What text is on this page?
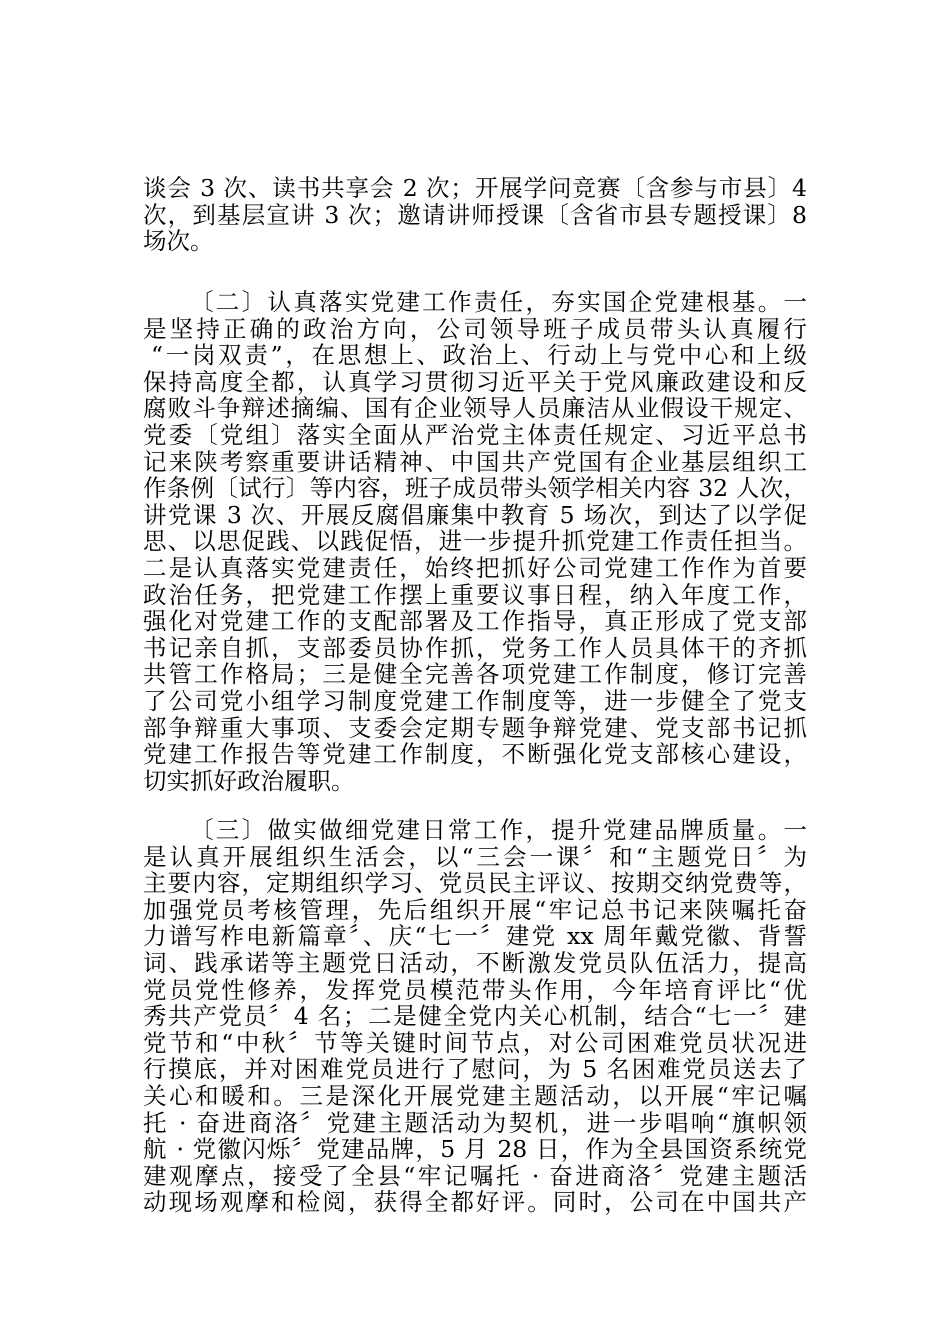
谈会 3 次、读书共享会 2 次；开展学问竞赛〔含参与市县〕4
次，到基层宣讲 3 次；邀请讲师授课〔含省市县专题授课〕8
场次。
〔二〕认真落实党建工作责任，夯实国企党建根基。一
是坚持正确的政治方向，公司领导班子成员带头认真履行
“一岗双责”，在思想上、政治上、行动上与党中心和上级
保持高度全都，认真学习贯彻习近平关于党风廉政建设和反
腐败斗争辩述摘编、国有企业领导人员廉洁从业假设干规定、
党委〔党组〕落实全面从严治党主体责任规定、习近平总书
记来陕考察重要讲话精神、中国共产党国有企业基层组织工
作条例〔试行〕等内容，班子成员带头领学相关内容 32 人次，
讲党课 3 次、开展反腐倡廉集中教育 5 场次，到达了以学促
思、以思促践、以践促悟，进一步提升抓党建工作责任担当。
二是认真落实党建责任，始终把抓好公司党建工作作为首要
政治任务，把党建工作摆上重要议事日程，纳入年度工作，
强化对党建工作的支配部署及工作指导，真正形成了党支部
书记亲自抓，支部委员协作抓，党务工作人员具体干的齐抓
共管工作格局；三是健全完善各项党建工作制度，修订完善
了公司党小组学习制度党建工作制度等，进一步健全了党支
部争辩重大事项、支委会定期专题争辩党建、党支部书记抓
党建工作报告等党建工作制度，不断强化党支部核心建设，
切实抓好政治履职。
〔三〕做实做细党建日常工作，提升党建品牌质量。一
是认真开展组织生活会，以“三会一课〞和“主题党日〞为
主要内容，定期组织学习、党员民主评议、按期交纳党费等，
加强党员考核管理，先后组织开展“牢记总书记来陕嘱托奋
力谱写柞电新篇章〞、庆“七一〞建党 xx 周年戴党徽、背誓
词、践承诺等主题党日活动，不断激发党员队伍活力，提高
党员党性修养，发挥党员模范带头作用，今年培育评比“优
秀共产党员〞4 名；二是健全党内关心机制，结合“七一〞建
党节和“中秋〞节等关键时间节点，对公司困难党员状况进
行摸底，并对困难党员进行了慰问，为 5 名困难党员送去了
关心和暖和。三是深化开展党建主题活动，以开展“牢记嘱
托 · 奋进商洛〞党建主题活动为契机，进一步唱响“旗帜领
航 · 党徽闪烁〞党建品牌，5 月 28 日，作为全县国资系统党
建观摩点，接受了全县“牢记嘱托 · 奋进商洛〞党建主题活
动现场观摩和检阅，获得全都好评。同时，公司在中国共产
